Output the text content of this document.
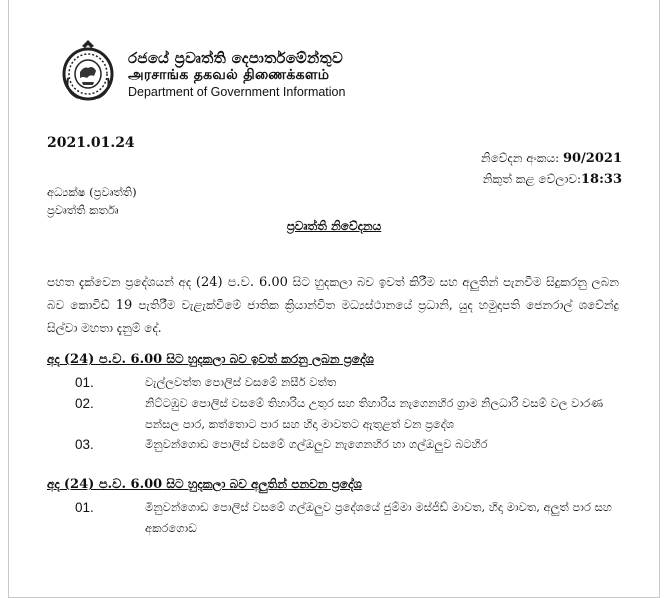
රජයේ ප්‍රවෘත්ති දෙපාර්තමේන්තුව
அரசாங்க தகவல் திணைக்களம்
Department of Government Information
2021.01.24
නිවේදන අංකය: 90/2021
නිකුත් කළ වේලාව:18:33
අධ්‍යක්ෂ (ප්‍රවෘත්ති)
ප්‍රවෘත්ති කර්තෘ
ප්‍රවෘත්ති නිවේදනය
පහත දැක්වෙන ප්‍රදේශයන් අද (24) ප.ව. 6.00 සිට හුදකලා බව ඉවත් කිරීම සහ අලුතින් පැනවීම සිදුකරනු ලබන බව කොවිඩ් 19 පැතිරීම වැළැක්වීමේ ජාතික ක්‍රියාන්විත මධ්‍යස්ථානයේ ප්‍රධානි, යුද හමුදාපති ජෙනරාල් ශවේන්ද්‍ර සිල්වා මහතා දැනුම් දේ.
අද (24) ප.ව. 6.00 සිට හුදකලා බව ඉවත් කරනු ලබන ප්‍රදේශ
01.	වැල්ලවත්ත පොලිස් වසමේ නසීර් වත්ත
02.	නිට්ටඹුව පොලිස් වසමේ තිහාරිය උතුර සහ තිහාරිය නැගෙනහිර ග්‍රාම නිලධාරි වසම් වල වාරණ පන්සල පාර, කත්තොට පාර සහ හිදා මාවතට ඇතුළත් වන ප්‍රදේශ
03.	මිනුවන්ගොඩ පොලිස් වසමේ ගල්ඔලුව නැගෙනහිර හා ගල්ඔලුව බටහිර
අද (24) ප.ව. 6.00 සිට හුදකලා බව අලුතින් පනවන ප්‍රදේශ
01.	මිනුවන්ගොඩ පොලිස් වසමේ ගල්ඔලුව ප්‍රදේශයේ ජුම්මා මස්ජිඩ් මාවත, හිදා මාවත, අලුත් පාර සහ අකරගොඩ
